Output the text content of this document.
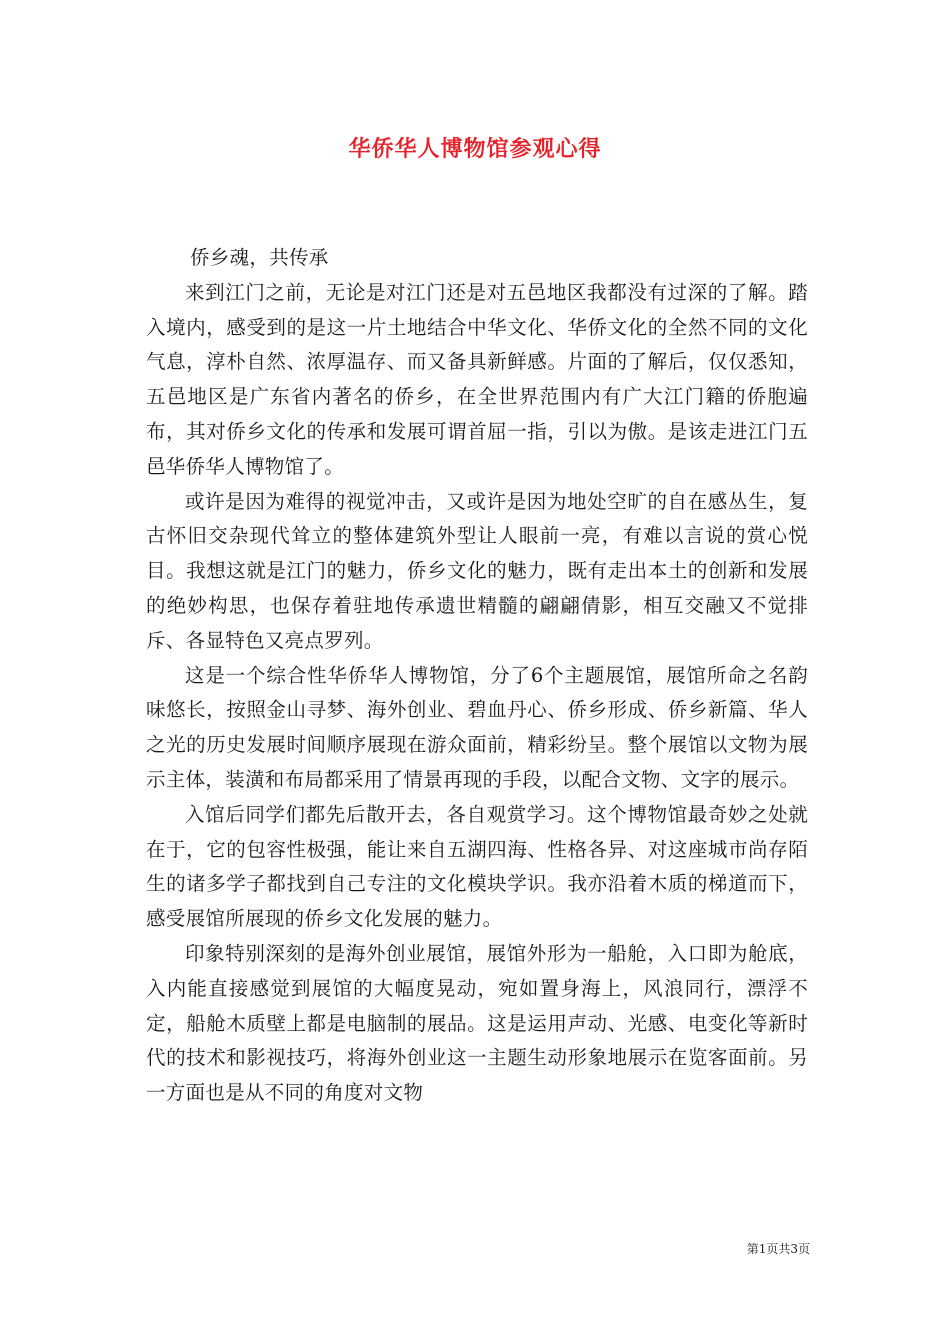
华侨华人博物馆参观心得

侨乡魂，共传承

来到江门之前，无论是对江门还是对五邑地区我都没有过深的了解。踏入境内，感受到的是这一片土地结合中华文化、华侨文化的全然不同的文化气息，淳朴自然、浓厚温存、而又备具新鲜感。片面的了解后，仅仅悉知，五邑地区是广东省内著名的侨乡，在全世界范围内有广大江门籍的侨胞遍布，其对侨乡文化的传承和发展可谓首屈一指，引以为傲。是该走进江门五邑华侨华人博物馆了。

或许是因为难得的视觉冲击，又或许是因为地处空旷的自在感丛生，复古怀旧交杂现代耸立的整体建筑外型让人眼前一亮，有难以言说的赏心悦目。我想这就是江门的魅力，侨乡文化的魅力，既有走出本土的创新和发展的绝妙构思，也保存着驻地传承遗世精髓的翩翩倩影，相互交融又不觉排斥、各显特色又亮点罗列。

这是一个综合性华侨华人博物馆，分了6个主题展馆，展馆所命之名韵味悠长，按照金山寻梦、海外创业、碧血丹心、侨乡形成、侨乡新篇、华人之光的历史发展时间顺序展现在游众面前，精彩纷呈。整个展馆以文物为展示主体，装潢和布局都采用了情景再现的手段，以配合文物、文字的展示。

入馆后同学们都先后散开去，各自观赏学习。这个博物馆最奇妙之处就在于，它的包容性极强，能让来自五湖四海、性格各异、对这座城市尚存陌生的诸多学子都找到自己专注的文化模块学识。我亦沿着木质的梯道而下，感受展馆所展现的侨乡文化发展的魅力。

印象特别深刻的是海外创业展馆，展馆外形为一船舱，入口即为舱底，入内能直接感觉到展馆的大幅度晃动，宛如置身海上，风浪同行，漂浮不定，船舱木质壁上都是电脑制的展品。这是运用声动、光感、电变化等新时代的技术和影视技巧，将海外创业这一主题生动形象地展示在览客面前。另一方面也是从不同的角度对文物

第1页共3页
